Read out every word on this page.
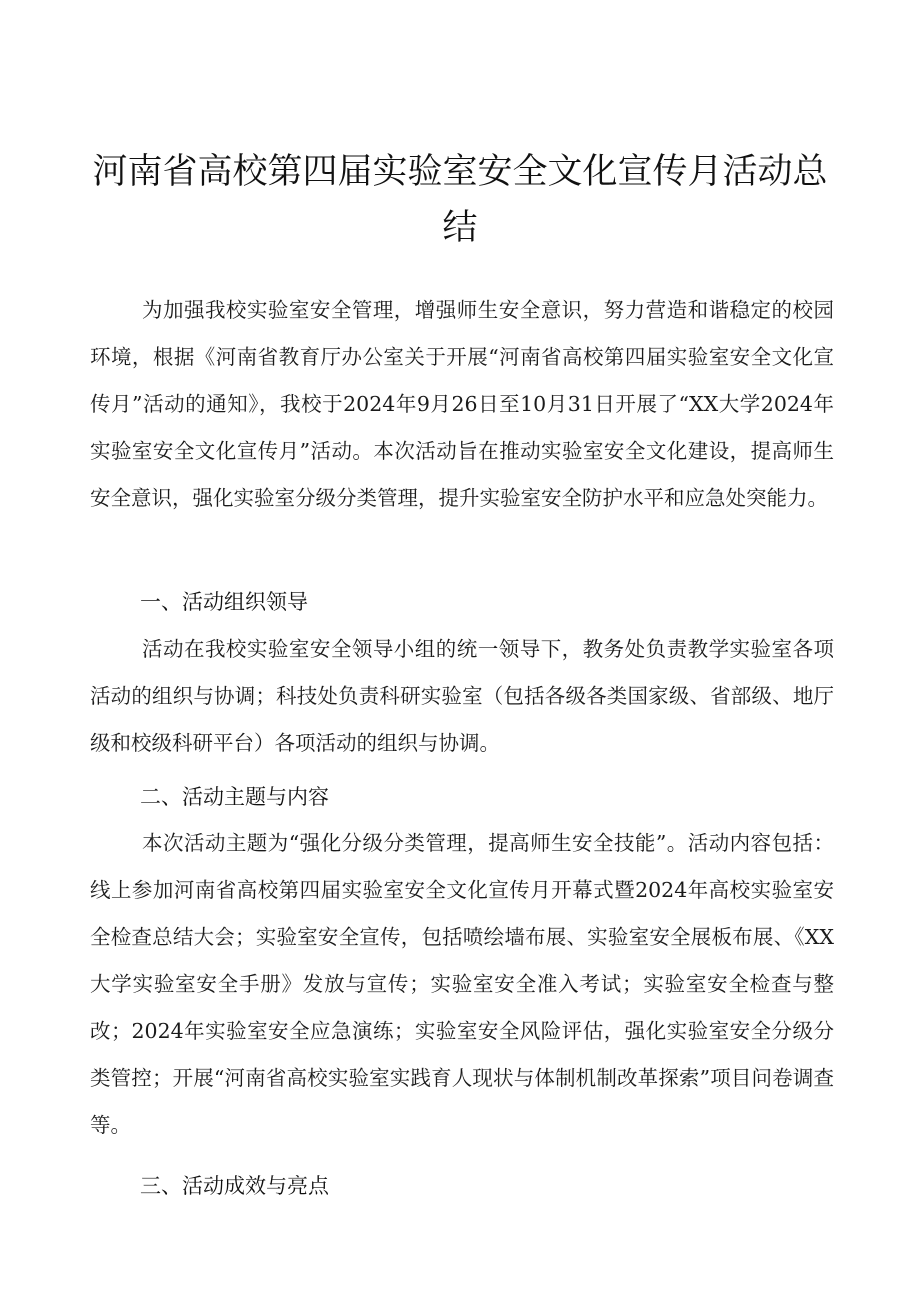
河南省高校第四届实验室安全文化宣传月活动总结

为加强我校实验室安全管理，增强师生安全意识，努力营造和谐稳定的校园环境，根据《河南省教育厅办公室关于开展“河南省高校第四届实验室安全文化宣传月”活动的通知》，我校于2024年9月26日至10月31日开展了“XX大学2024年实验室安全文化宣传月”活动。本次活动旨在推动实验室安全文化建设，提高师生安全意识，强化实验室分级分类管理，提升实验室安全防护水平和应急处突能力。

一、活动组织领导

活动在我校实验室安全领导小组的统一领导下，教务处负责教学实验室各项活动的组织与协调；科技处负责科研实验室（包括各级各类国家级、省部级、地厅级和校级科研平台）各项活动的组织与协调。

二、活动主题与内容

本次活动主题为“强化分级分类管理，提高师生安全技能”。活动内容包括：线上参加河南省高校第四届实验室安全文化宣传月开幕式暨2024年高校实验室安全检查总结大会；实验室安全宣传，包括喷绘墙布展、实验室安全展板布展、《XX大学实验室安全手册》发放与宣传；实验室安全准入考试；实验室安全检查与整改；2024年实验室安全应急演练；实验室安全风险评估，强化实验室安全分级分类管控；开展“河南省高校实验室实践育人现状与体制机制改革探索”项目问卷调查等。

三、活动成效与亮点
